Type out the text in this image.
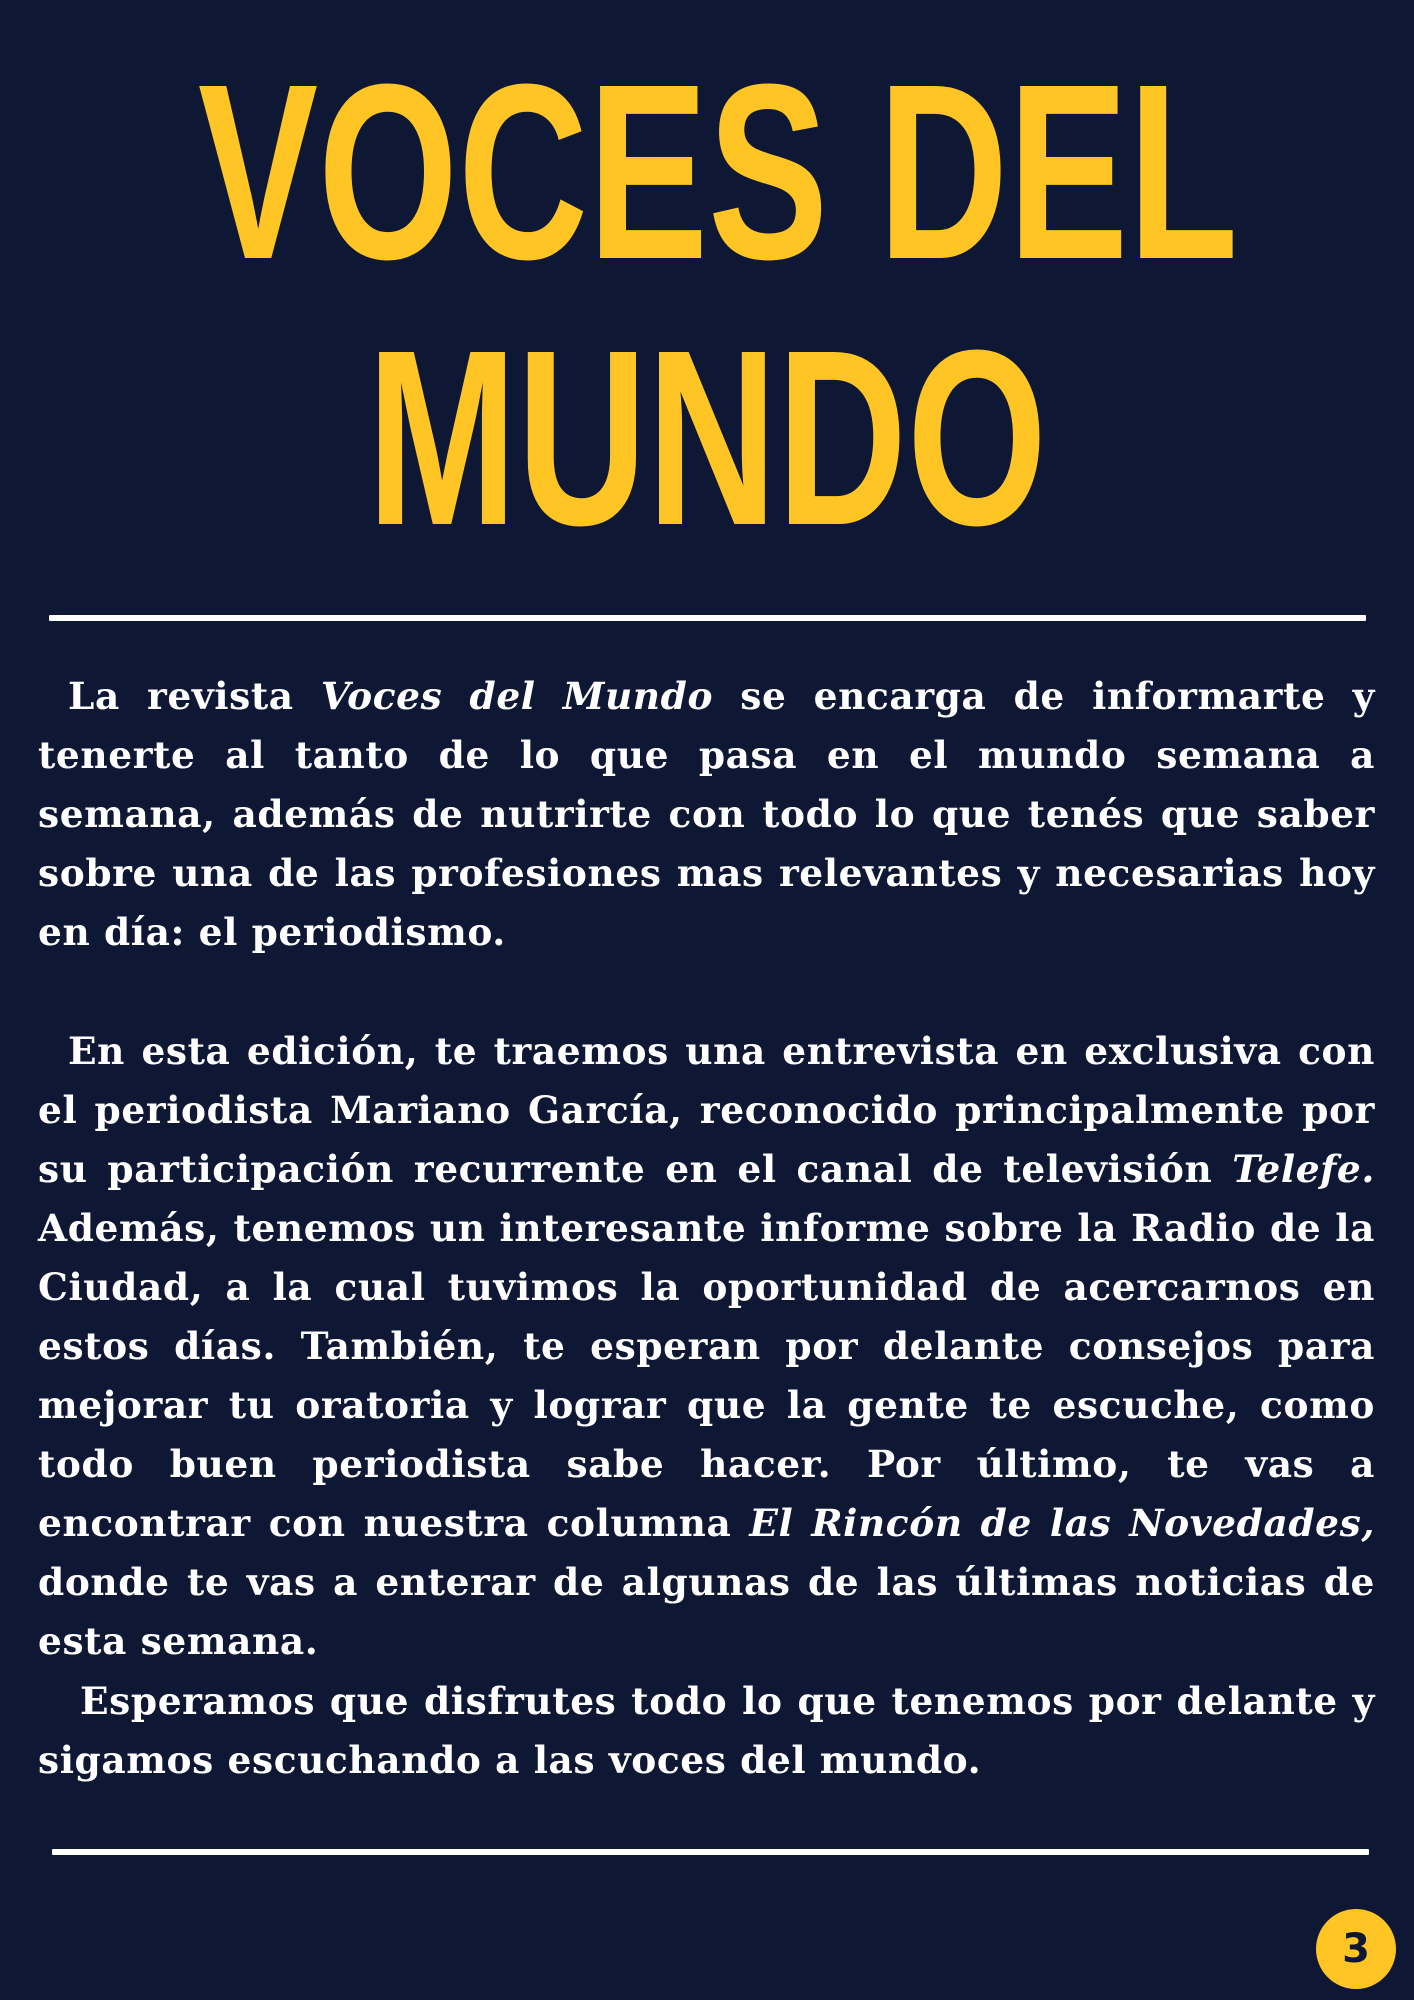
VOCES DEL
MUNDO

La revista Voces del Mundo se encarga de informarte y tenerte al tanto de lo que pasa en el mundo semana a semana, además de nutrirte con todo lo que tenés que saber sobre una de las profesiones mas relevantes y necesarias hoy en día: el periodismo.

En esta edición, te traemos una entrevista en exclusiva con el periodista Mariano García, reconocido principalmente por su participación recurrente en el canal de televisión Telefe. Además, tenemos un interesante informe sobre la Radio de la Ciudad, a la cual tuvimos la oportunidad de acercarnos en estos días. También, te esperan por delante consejos para mejorar tu oratoria y lograr que la gente te escuche, como todo buen periodista sabe hacer. Por último, te vas a encontrar con nuestra columna El Rincón de las Novedades, donde te vas a enterar de algunas de las últimas noticias de esta semana.

Esperamos que disfrutes todo lo que tenemos por delante y sigamos escuchando a las voces del mundo.

3
